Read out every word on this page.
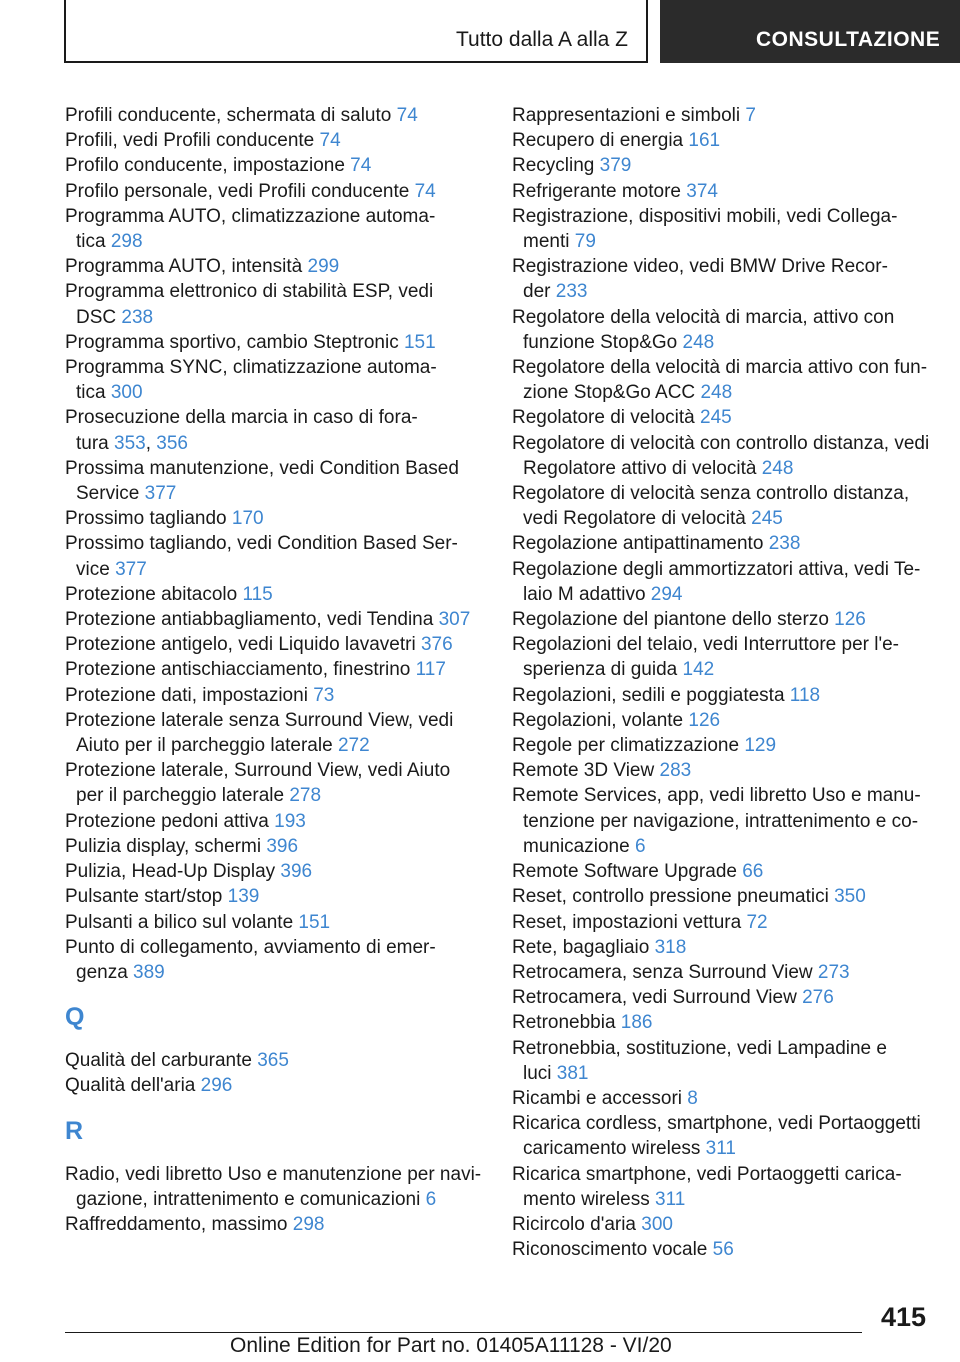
Tutto dalla A alla Z	CONSULTAZIONE
Profili conducente, schermata di saluto 74
Profili, vedi Profili conducente 74
Profilo conducente, impostazione 74
Profilo personale, vedi Profili conducente 74
Programma AUTO, climatizzazione automa‐
tica 298
Programma AUTO, intensità 299
Programma elettronico di stabilità ESP, vedi
DSC 238
Programma sportivo, cambio Steptronic 151
Programma SYNC, climatizzazione automa‐
tica 300
Prosecuzione della marcia in caso di fora‐
tura 353, 356
Prossima manutenzione, vedi Condition Based
Service 377
Prossimo tagliando 170
Prossimo tagliando, vedi Condition Based Ser‐
vice 377
Protezione abitacolo 115
Protezione antiabbagliamento, vedi Tendina 307
Protezione antigelo, vedi Liquido lavavetri 376
Protezione antischiacciamento, finestrino 117
Protezione dati, impostazioni 73
Protezione laterale senza Surround View, vedi
Aiuto per il parcheggio laterale 272
Protezione laterale, Surround View, vedi Aiuto
per il parcheggio laterale 278
Protezione pedoni attiva 193
Pulizia display, schermi 396
Pulizia, Head-Up Display 396
Pulsante start/stop 139
Pulsanti a bilico sul volante 151
Punto di collegamento, avviamento di emer‐
genza 389
Q
Qualità del carburante 365
Qualità dell'aria 296
R
Radio, vedi libretto Uso e manutenzione per navi‐
gazione, intrattenimento e comunicazioni 6
Raffreddamento, massimo 298
Rappresentazioni e simboli 7
Recupero di energia 161
Recycling 379
Refrigerante motore 374
Registrazione, dispositivi mobili, vedi Collega‐
menti 79
Registrazione video, vedi BMW Drive Recor‐
der 233
Regolatore della velocità di marcia, attivo con
funzione Stop&Go 248
Regolatore della velocità di marcia attivo con fun‐
zione Stop&Go ACC 248
Regolatore di velocità 245
Regolatore di velocità con controllo distanza, vedi
Regolatore attivo di velocità 248
Regolatore di velocità senza controllo distanza,
vedi Regolatore di velocità 245
Regolazione antipattinamento 238
Regolazione degli ammortizzatori attiva, vedi Te‐
laio M adattivo 294
Regolazione del piantone dello sterzo 126
Regolazioni del telaio, vedi Interruttore per l'e‐
sperienza di guida 142
Regolazioni, sedili e poggiatesta 118
Regolazioni, volante 126
Regole per climatizzazione 129
Remote 3D View 283
Remote Services, app, vedi libretto Uso e manu‐
tenzione per navigazione, intrattenimento e co‐
municazione 6
Remote Software Upgrade 66
Reset, controllo pressione pneumatici 350
Reset, impostazioni vettura 72
Rete, bagagliaio 318
Retrocamera, senza Surround View 273
Retrocamera, vedi Surround View 276
Retronebbia 186
Retronebbia, sostituzione, vedi Lampadine e
luci 381
Ricambi e accessori 8
Ricarica cordless, smartphone, vedi Portaoggetti
caricamento wireless 311
Ricarica smartphone, vedi Portaoggetti carica‐
mento wireless 311
Ricircolo d'aria 300
Riconoscimento vocale 56
415
Online Edition for Part no. 01405A11128 - VI/20
